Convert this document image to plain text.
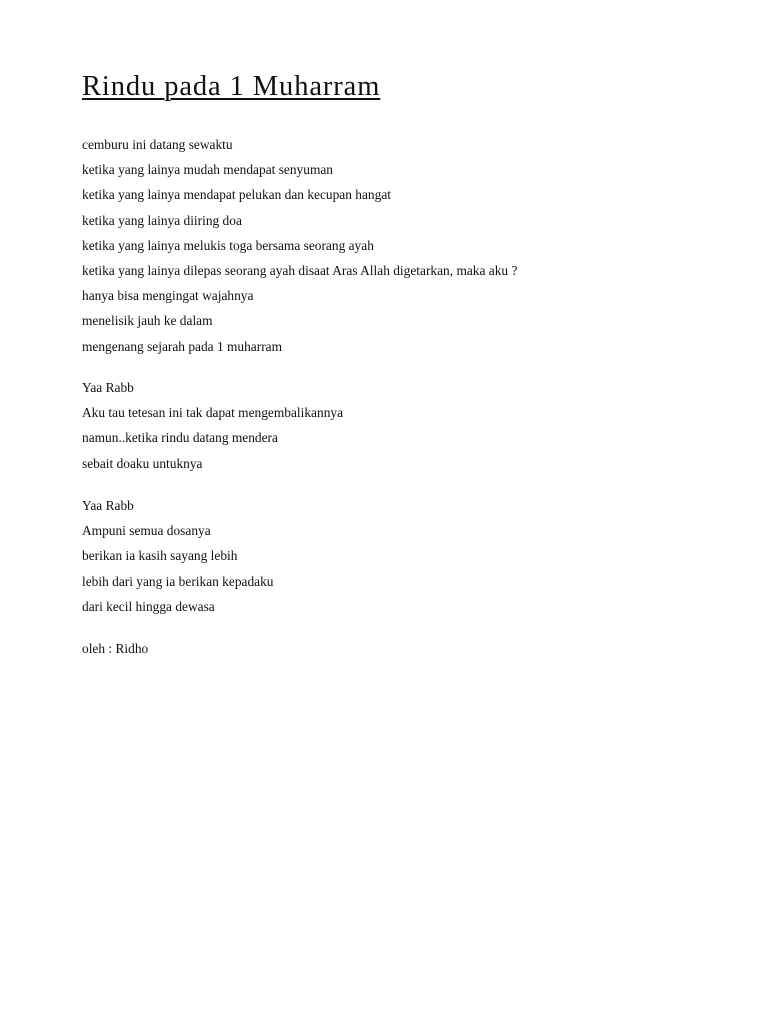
Rindu pada 1 Muharram
cemburu ini datang sewaktu
ketika yang lainya mudah mendapat senyuman
ketika yang lainya mendapat pelukan dan kecupan hangat
ketika yang lainya diiring doa
ketika yang lainya melukis toga bersama seorang ayah
ketika yang lainya dilepas seorang ayah disaat Aras Allah digetarkan, maka aku ?
hanya bisa mengingat wajahnya
menelisik jauh ke dalam
mengenang sejarah pada 1 muharram
Yaa Rabb
Aku tau tetesan ini tak dapat mengembalikannya
namun..ketika rindu datang mendera
sebait doaku untuknya
Yaa Rabb
Ampuni semua dosanya
berikan ia kasih sayang lebih
lebih dari yang ia berikan kepadaku
dari kecil hingga dewasa
oleh : Ridho
